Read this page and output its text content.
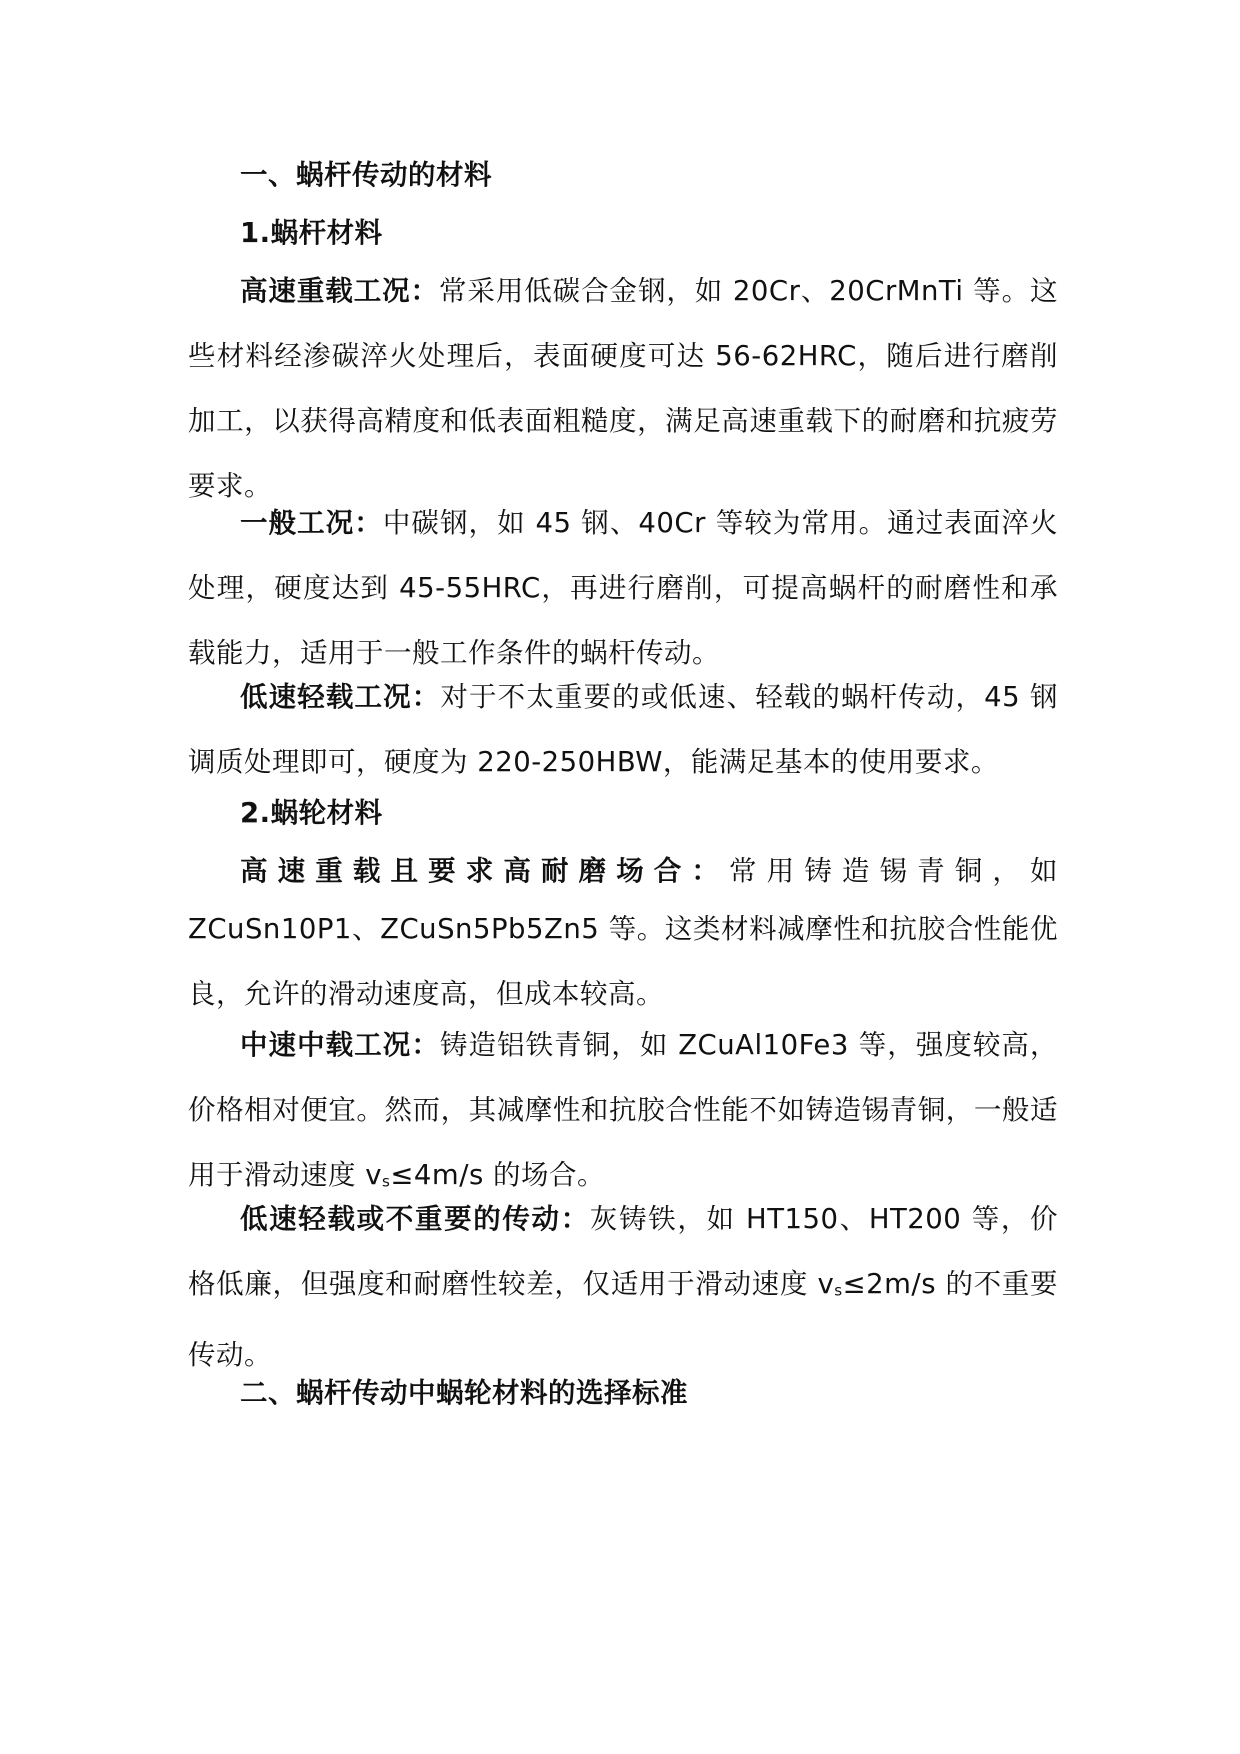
一、蜗杆传动的材料
1.蜗杆材料
高速重载工况：常采用低碳合金钢，如 20Cr、20CrMnTi 等。这些材料经渗碳淬火处理后，表面硬度可达 56-62HRC，随后进行磨削加工，以获得高精度和低表面粗糙度，满足高速重载下的耐磨和抗疲劳要求。
一般工况：中碳钢，如 45 钢、40Cr 等较为常用。通过表面淬火处理，硬度达到 45-55HRC，再进行磨削，可提高蜗杆的耐磨性和承载能力，适用于一般工作条件的蜗杆传动。
低速轻载工况：对于不太重要的或低速、轻载的蜗杆传动，45 钢调质处理即可，硬度为 220-250HBW，能满足基本的使用要求。
2.蜗轮材料
高速重载且要求高耐磨场合：常用铸造锡青铜，如
ZCuSn10P1、ZCuSn5Pb5Zn5 等。这类材料减摩性和抗胶合性能优良，允许的滑动速度高，但成本较高。
中速中载工况：铸造铝铁青铜，如 ZCuAl10Fe3 等，强度较高，价格相对便宜。然而，其减摩性和抗胶合性能不如铸造锡青铜，一般适用于滑动速度 vs≤4m/s 的场合。
低速轻载或不重要的传动：灰铸铁，如 HT150、HT200 等，价格低廉，但强度和耐磨性较差，仅适用于滑动速度 vs≤2m/s 的不重要传动。
二、蜗杆传动中蜗轮材料的选择标准
